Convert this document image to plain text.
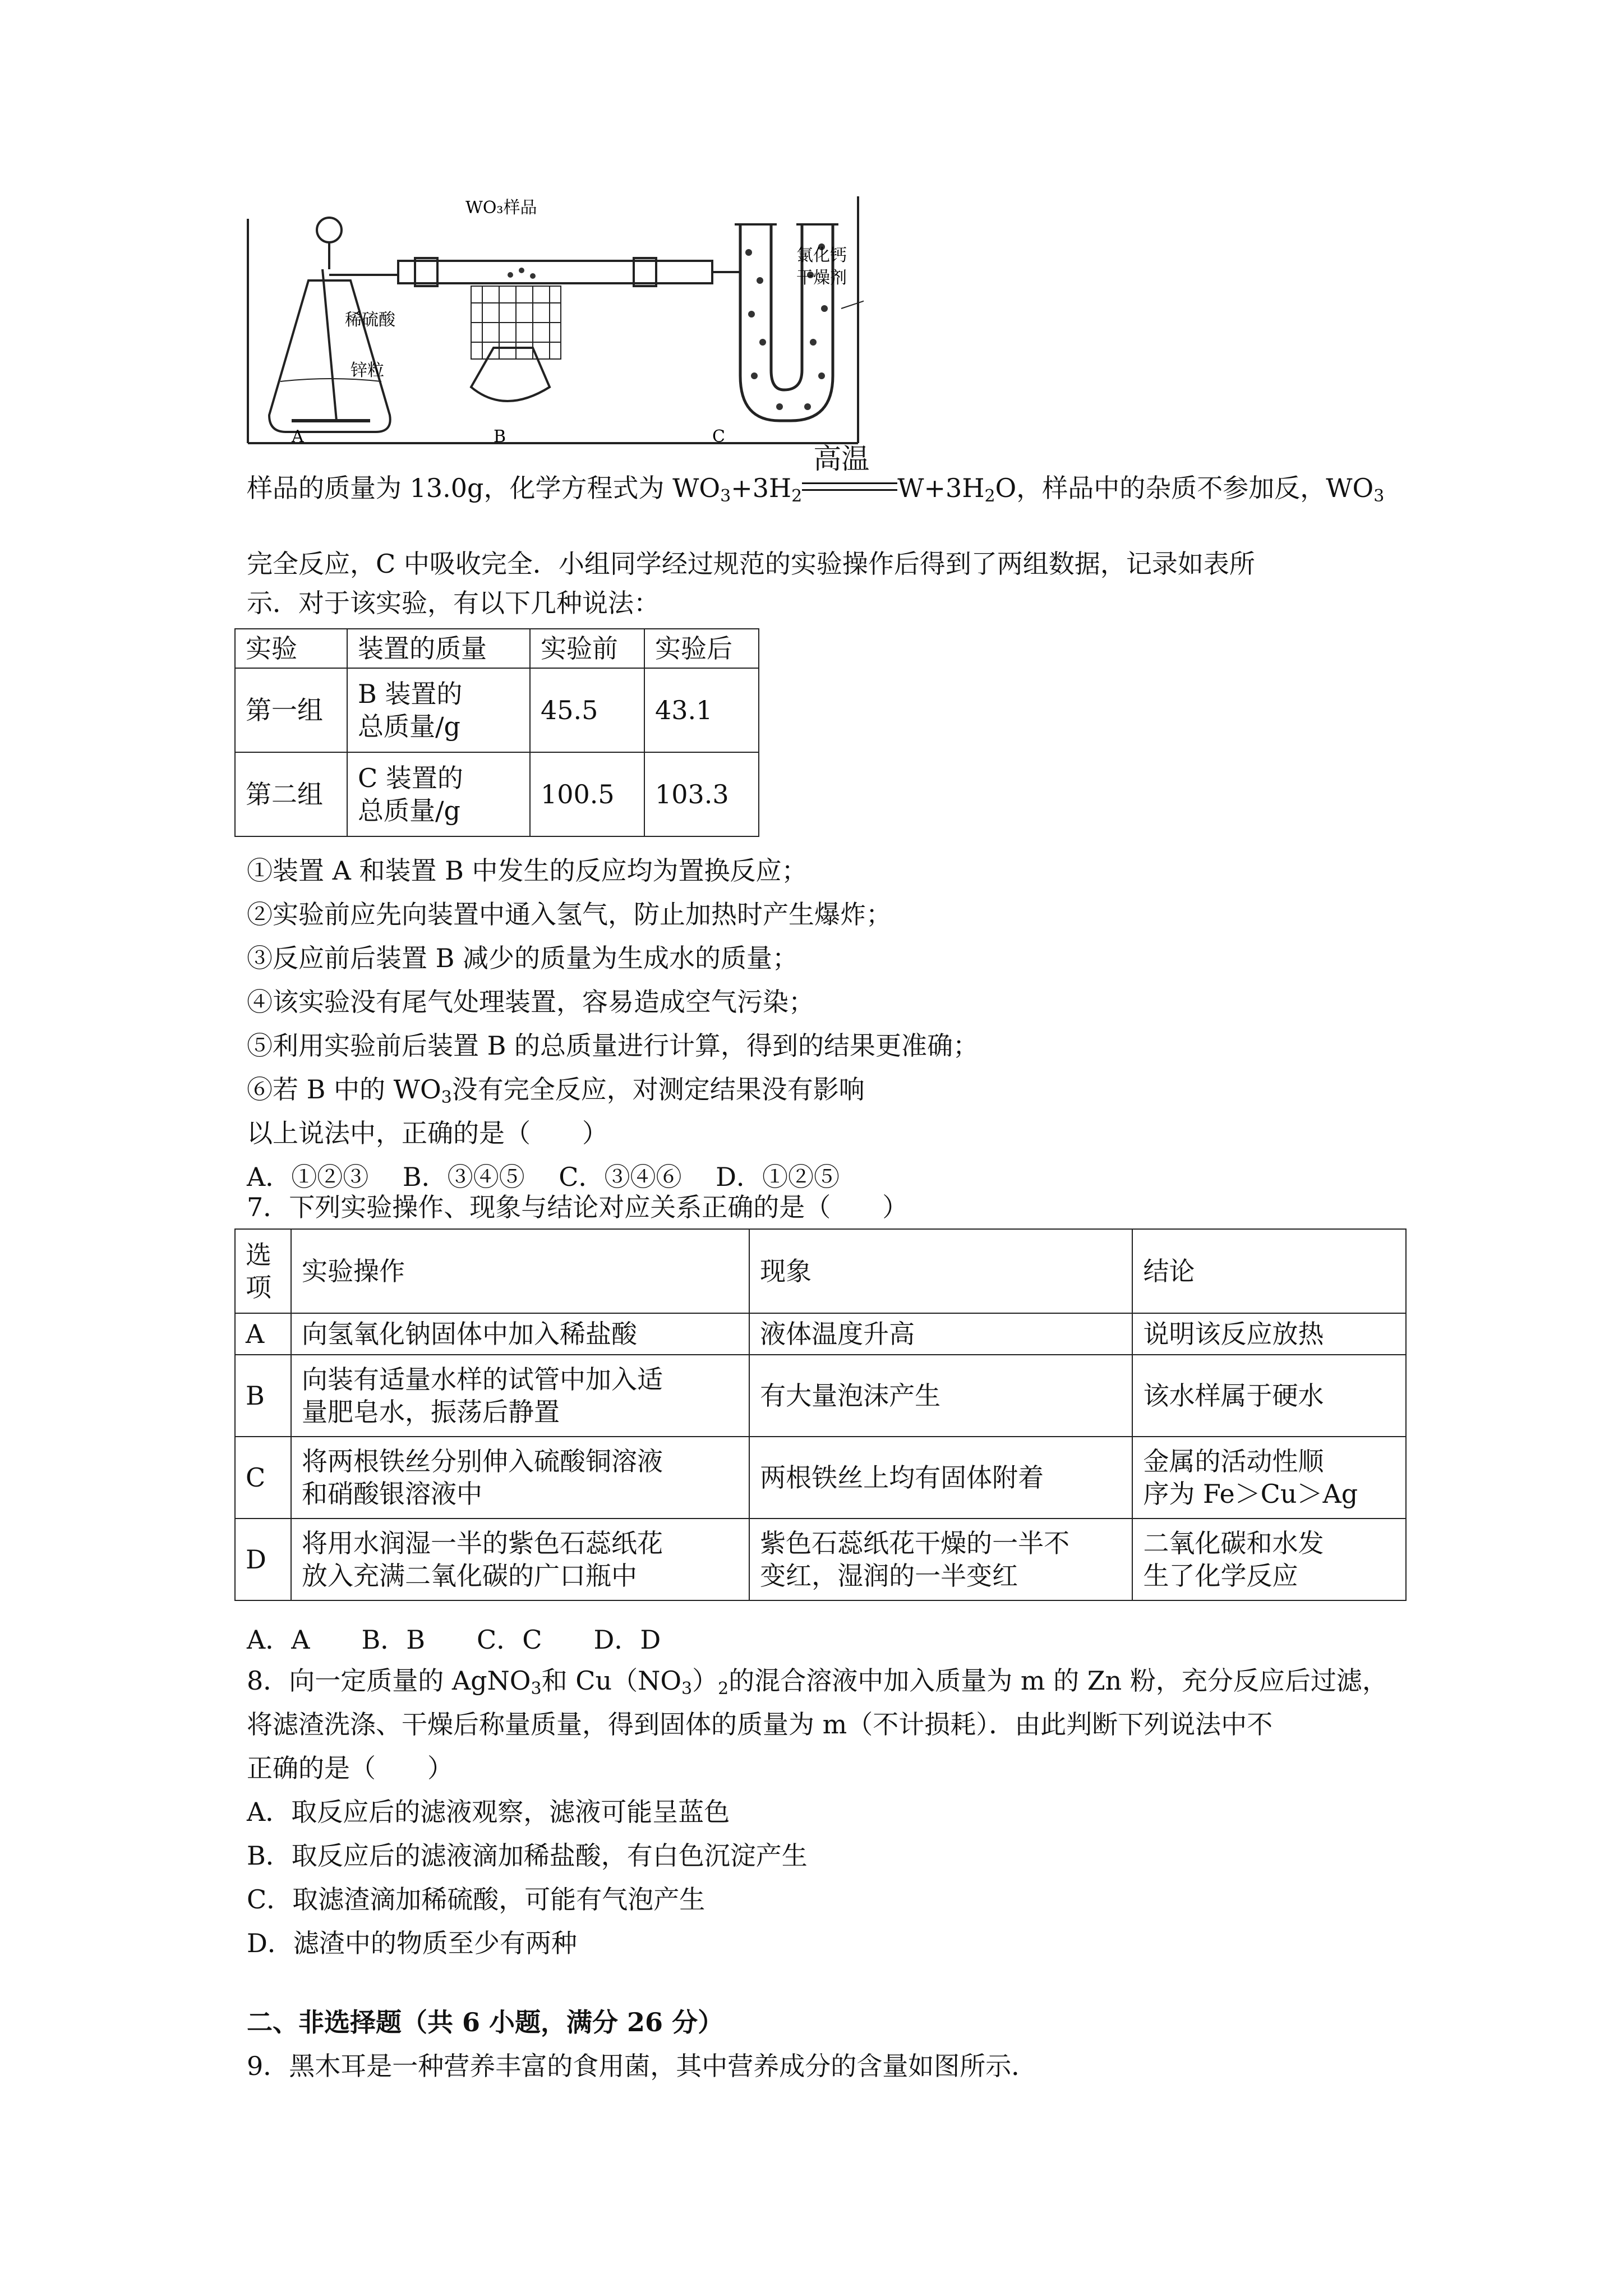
WO₃样品
稀硫酸
锌粒
氯化钙
干燥剂
A	B	C
样品的质量为 13.0g，化学方程式为 $WO_3+3H_2$
高温
$W+3H_2O$，样品中的杂质不参加反，$WO_3$
完全反应，C 中吸收完全．小组同学经过规范的实验操作后得到了两组数据，记录如表所
示．对于该实验，有以下几种说法：
实验	装置的质量	实验前	实验后
第一组	B 装置的
总质量/g	45.5	43.1
第二组	C 装置的
总质量/g	100.5	103.3
①装置 A 和装置 B 中发生的反应均为置换反应；
②实验前应先向装置中通入氢气，防止加热时产生爆炸；
③反应前后装置 B 减少的质量为生成水的质量；
④该实验没有尾气处理装置，容易造成空气污染；
⑤利用实验前后装置 B 的总质量进行计算，得到的结果更准确；
⑥若 B 中的 $WO_3$没有完全反应，对测定结果没有影响
以上说法中，正确的是（　　）
A．①②③　 B．③④⑤　 C．③④⑥　 D．①②⑤
7．下列实验操作、现象与结论对应关系正确的是（　　）
选
项	实验操作	现象	结论
A	向氢氧化钠固体中加入稀盐酸	液体温度升高	说明该反应放热
B	向装有适量水样的试管中加入适
量肥皂水，振荡后静置	有大量泡沫产生	该水样属于硬水
C	将两根铁丝分别伸入硫酸铜溶液
和硝酸银溶液中	两根铁丝上均有固体附着	金属的活动性顺
序为 Fe＞Cu＞Ag
D	将用水润湿一半的紫色石蕊纸花
放入充满二氧化碳的广口瓶中	紫色石蕊纸花干燥的一半不
变红，湿润的一半变红	二氧化碳和水发
生了化学反应
A．A　　B．B　　C．C　　D．D
8．向一定质量的 AgNO$_3$和 $Cu(NO_3)_2$的混合溶液中加入质量为 m 的 Zn 粉，充分反应后过滤，
将滤渣洗涤、干燥后称量质量，得到固体的质量为 m（不计损耗）．由此判断下列说法中不
正确的是（　　）
A．取反应后的滤液观察，滤液可能呈蓝色
B．取反应后的滤液滴加稀盐酸，有白色沉淀产生
C．取滤渣滴加稀硫酸，可能有气泡产生
D．滤渣中的物质至少有两种
二、非选择题（共 6 小题，满分 26 分）
9．黑木耳是一种营养丰富的食用菌，其中营养成分的含量如图所示．
